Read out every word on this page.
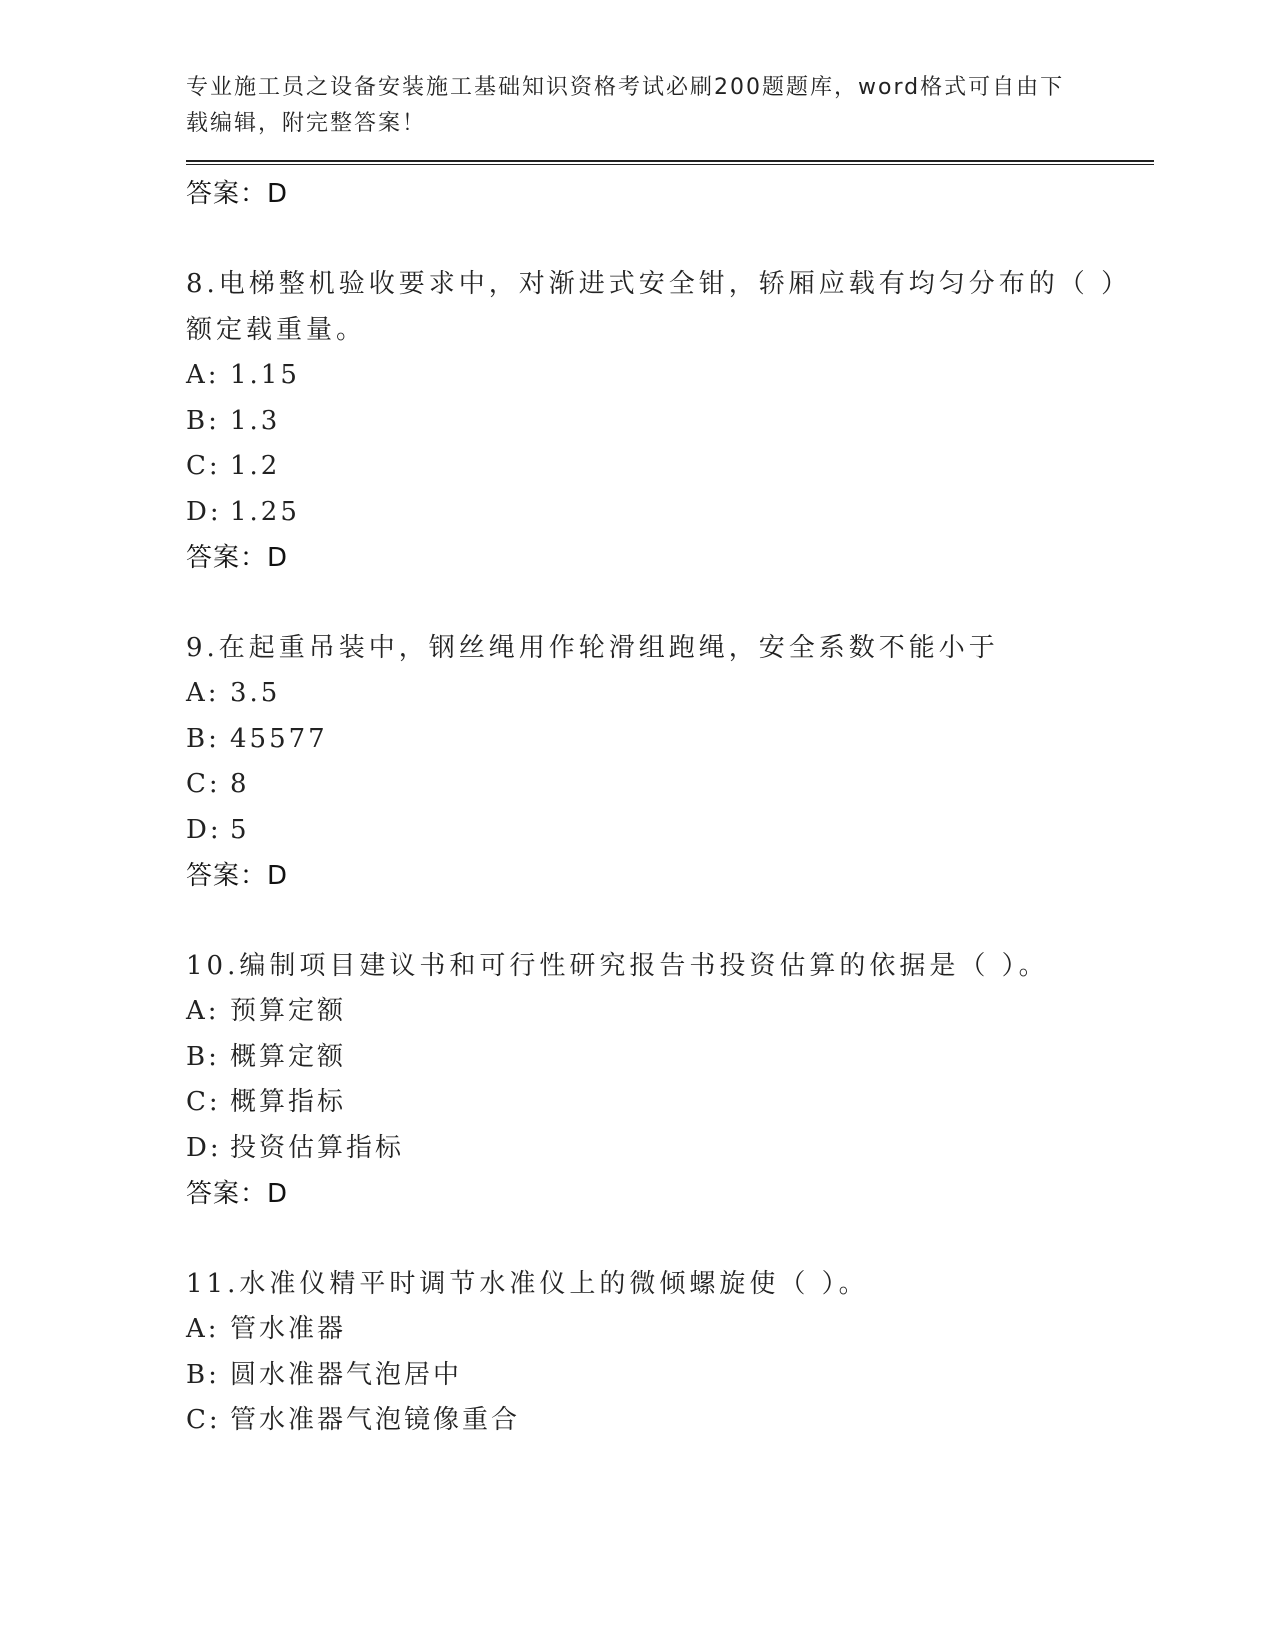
专业施工员之设备安装施工基础知识资格考试必刷200题题库，word格式可自由下载编辑，附完整答案！
答案：D
8.电梯整机验收要求中，对渐进式安全钳，轿厢应载有均匀分布的（ ）额定载重量。
A: 1.15
B: 1.3
C: 1.2
D: 1.25
答案：D
9.在起重吊装中，钢丝绳用作轮滑组跑绳，安全系数不能小于
A: 3.5
B: 45577
C: 8
D: 5
答案：D
10.编制项目建议书和可行性研究报告书投资估算的依据是（ ）。
A: 预算定额
B: 概算定额
C: 概算指标
D: 投资估算指标
答案：D
11.水准仪精平时调节水准仪上的微倾螺旋使（ ）。
A: 管水准器
B: 圆水准器气泡居中
C: 管水准器气泡镜像重合
